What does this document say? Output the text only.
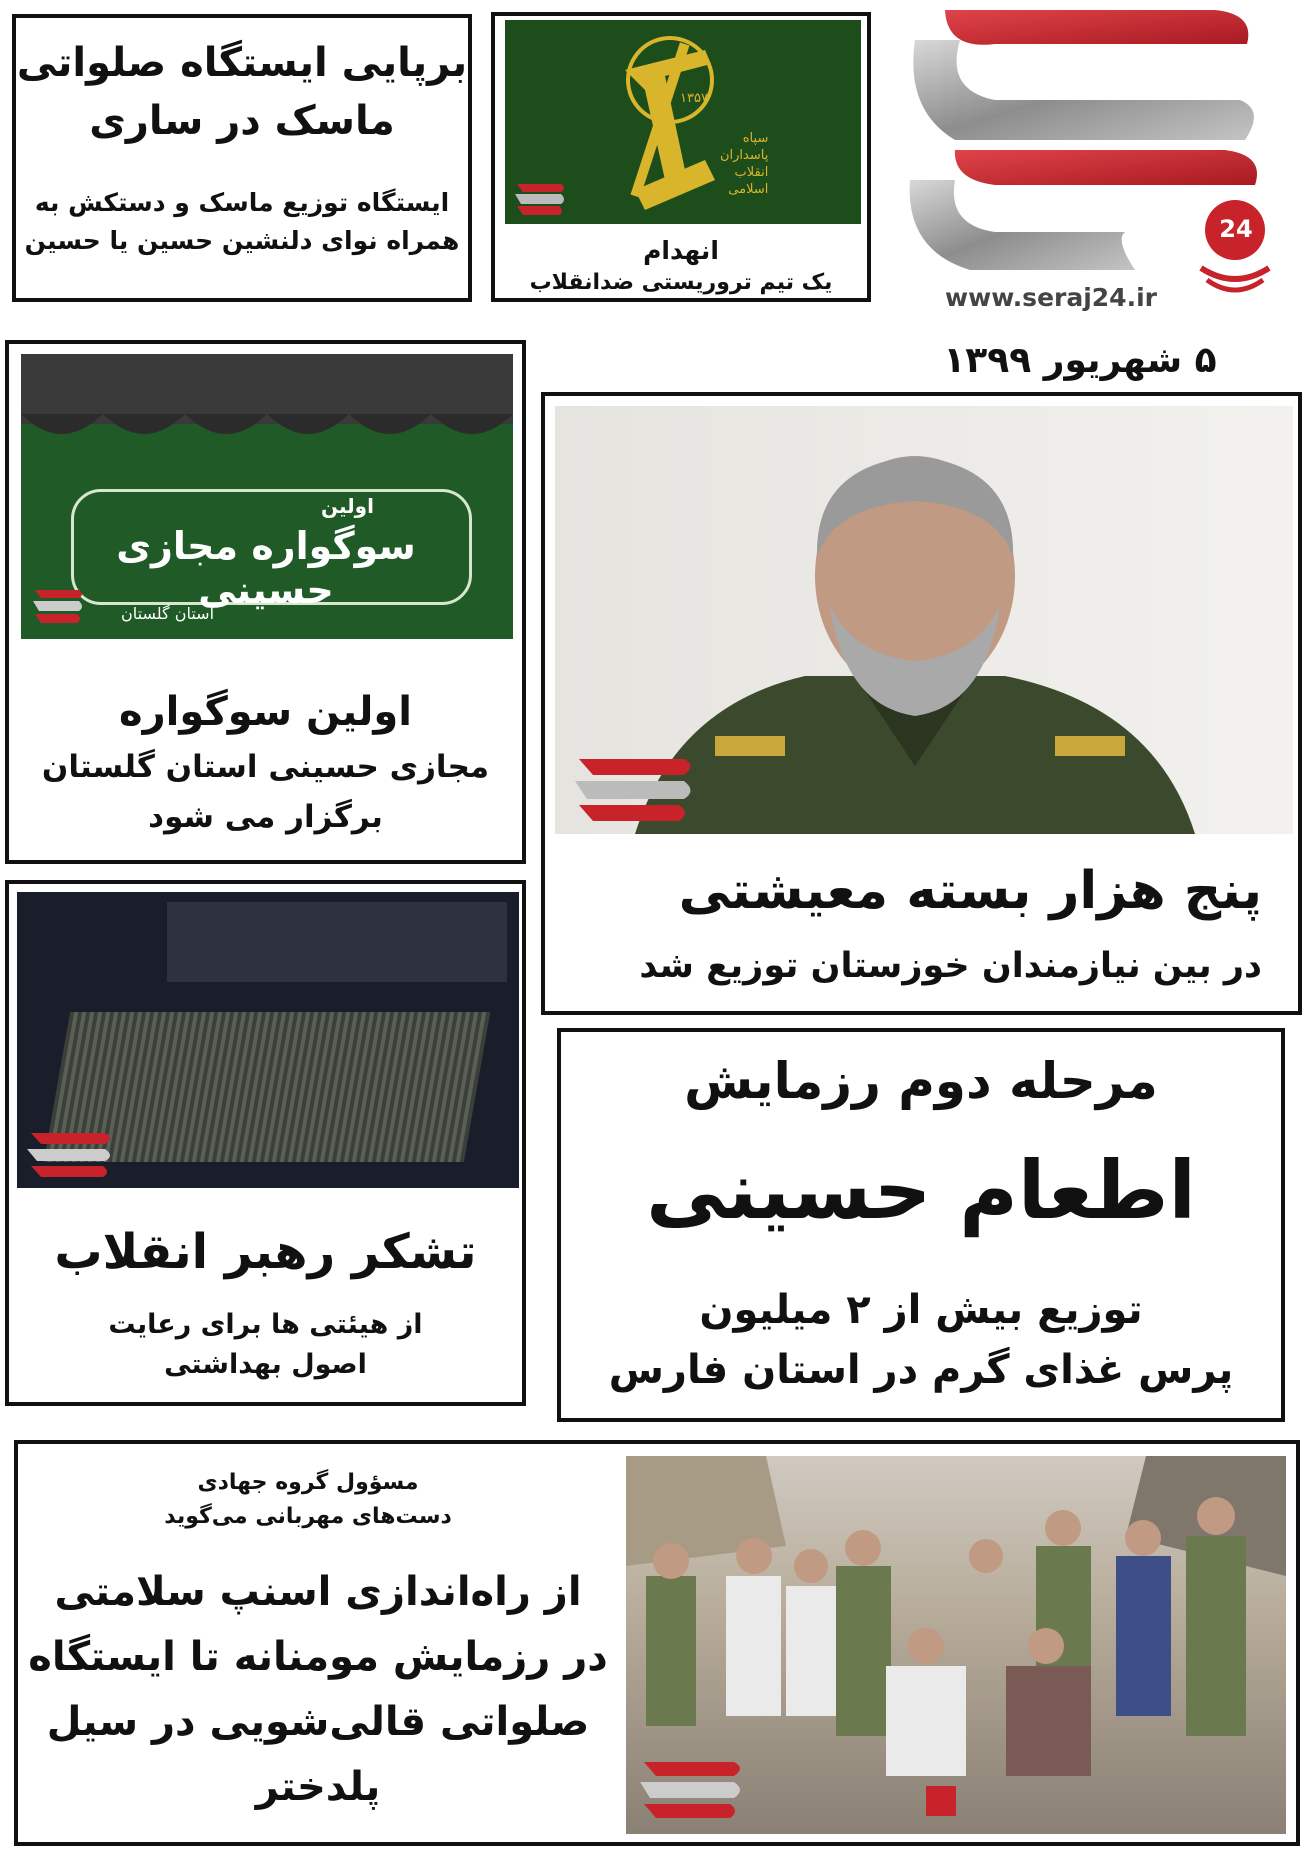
24
www.seraj24.ir
۵ شهریور ۱۳۹۹
برپایی ایستگاه صلواتی
ماسک در ساری
ایستگاه توزیع ماسک و دستکش به
همراه نوای دلنشین حسین یا حسین
سپاه
پاسداران
انقلاب
اسلامی
۱۳۵۷
انهدام
یک تیم تروریستی ضدانقلاب
اولین
سوگواره مجازی حسینی
استان گلستان
اولین سوگواره
مجازی حسینی استان گلستان
برگزار می شود
پنج هزار بسته معیشتی
در بین نیازمندان خوزستان توزیع شد
تشکر رهبر انقلاب
از هیئتی ها برای رعایت
اصول بهداشتی
مرحله دوم رزمایش
اطعام حسینی
توزیع بیش از ۲ میلیون
پرس غذای گرم در استان فارس
مسؤول گروه جهادی
دست‌های مهربانی می‌گوید
از راه‌اندازی اسنپ سلامتی
در رزمایش مومنانه تا ایستگاه
صلواتی قالی‌شویی در سیل
پلدختر
